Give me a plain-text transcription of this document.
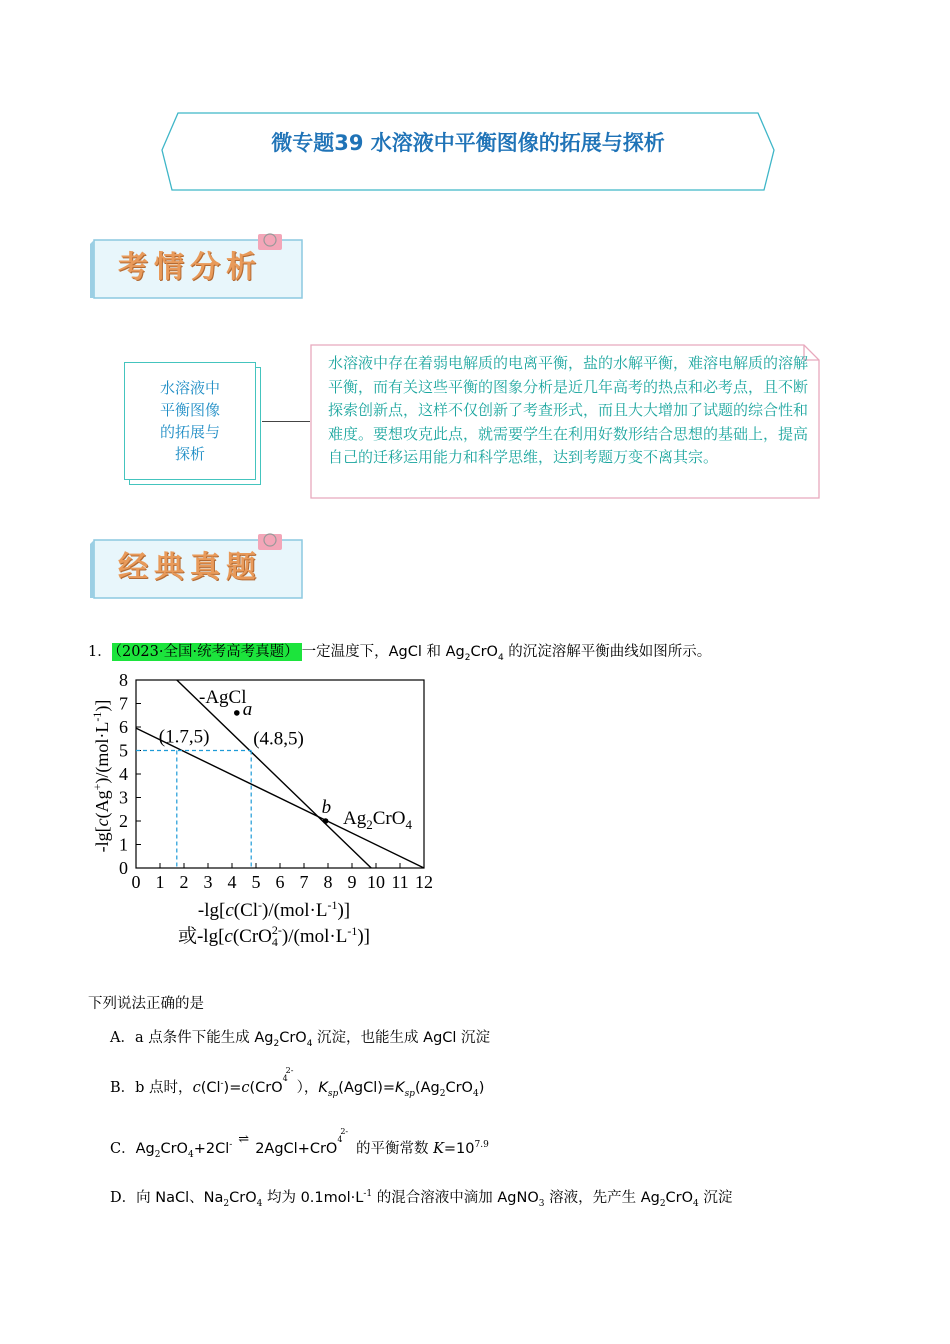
微专题39 水溶液中平衡图像的拓展与探析
考情分析
水溶液中
平衡图像
的拓展与
探析
水溶液中存在着弱电解质的电离平衡，盐的水解平衡，难溶电解质的溶解平衡，而有关这些平衡的图象分析是近几年高考的热点和必考点，且不断探索创新点，这样不仅创新了考查形式，而且大大增加了试题的综合性和难度。要想攻克此点，就需要学生在利用好数形结合思想的基础上，提高自己的迁移运用能力和科学思维，达到考题万变不离其宗。
经典真题
1． （2023·全国·统考高考真题） 一定温度下，AgCl 和 $Ag_2CrO_4$ 的沉淀溶解平衡曲线如图所示。
0 1 2 3 4 5 6 7 8 9 10 11 12
0
1
2
3
4
5
6
7
8
a
b
-AgCl
$Ag_2CrO_4$
(1.7,5) (4.8,5)
$-\lg[c(Ag^+)/(mol\cdot L^{-1})]$
$-\lg[c(Cl^-)/(mol\cdot L^{-1})]$
或$-\lg[c(CrO_42-)/(mol\cdot L^{-1})]$
下列说法正确的是
A．a 点条件下能生成 $Ag_2CrO_4$ 沉淀，也能生成 AgCl 沉淀
B．b 点时，c(Cl-)=c(CrO
2-
4
），$K_{sp}(AgCl)=K_{sp}(Ag_2CrO_4)$
C．$Ag_2CrO_4+2Cl^-$ ⇌2AgCl+CrO
2-
4
的平衡常数 $K=10^{7.9}$
D．向 NaCl、$Na_2CrO_4$ 均为 $0.1mol\cdot L^{-1}$ 的混合溶液中滴加 AgNO$_3$ 溶液，先产生 $Ag_2CrO_4$ 沉淀
